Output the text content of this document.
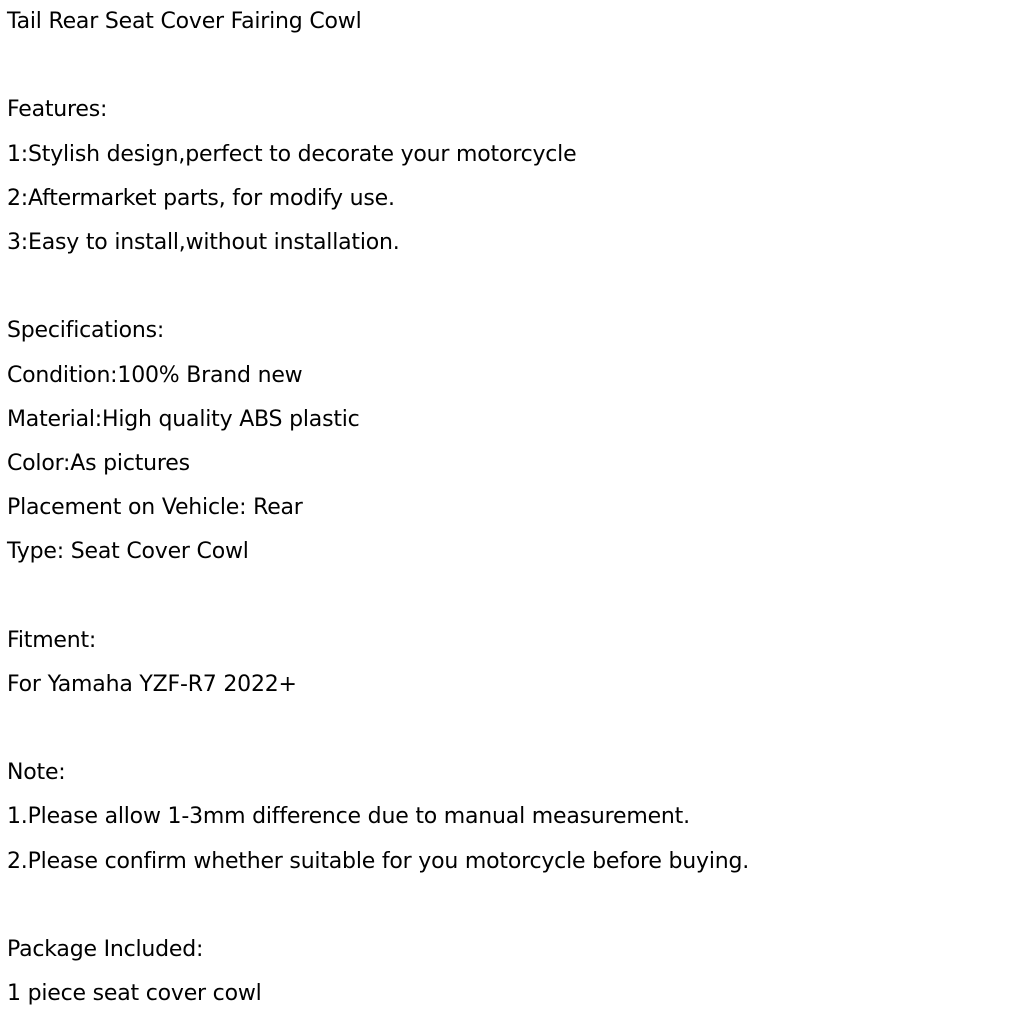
Tail Rear Seat Cover Fairing Cowl
Features:
1:Stylish design,perfect to decorate your motorcycle
2:Aftermarket parts, for modify use.
3:Easy to install,without installation.
Specifications:
Condition:100% Brand new
Material:High quality ABS plastic
Color:As pictures
Placement on Vehicle: Rear
Type: Seat Cover Cowl
Fitment:
For Yamaha YZF-R7 2022+
Note:
1.Please allow 1-3mm difference due to manual measurement.
2.Please confirm whether suitable for you motorcycle before buying.
Package Included:
1 piece seat cover cowl
